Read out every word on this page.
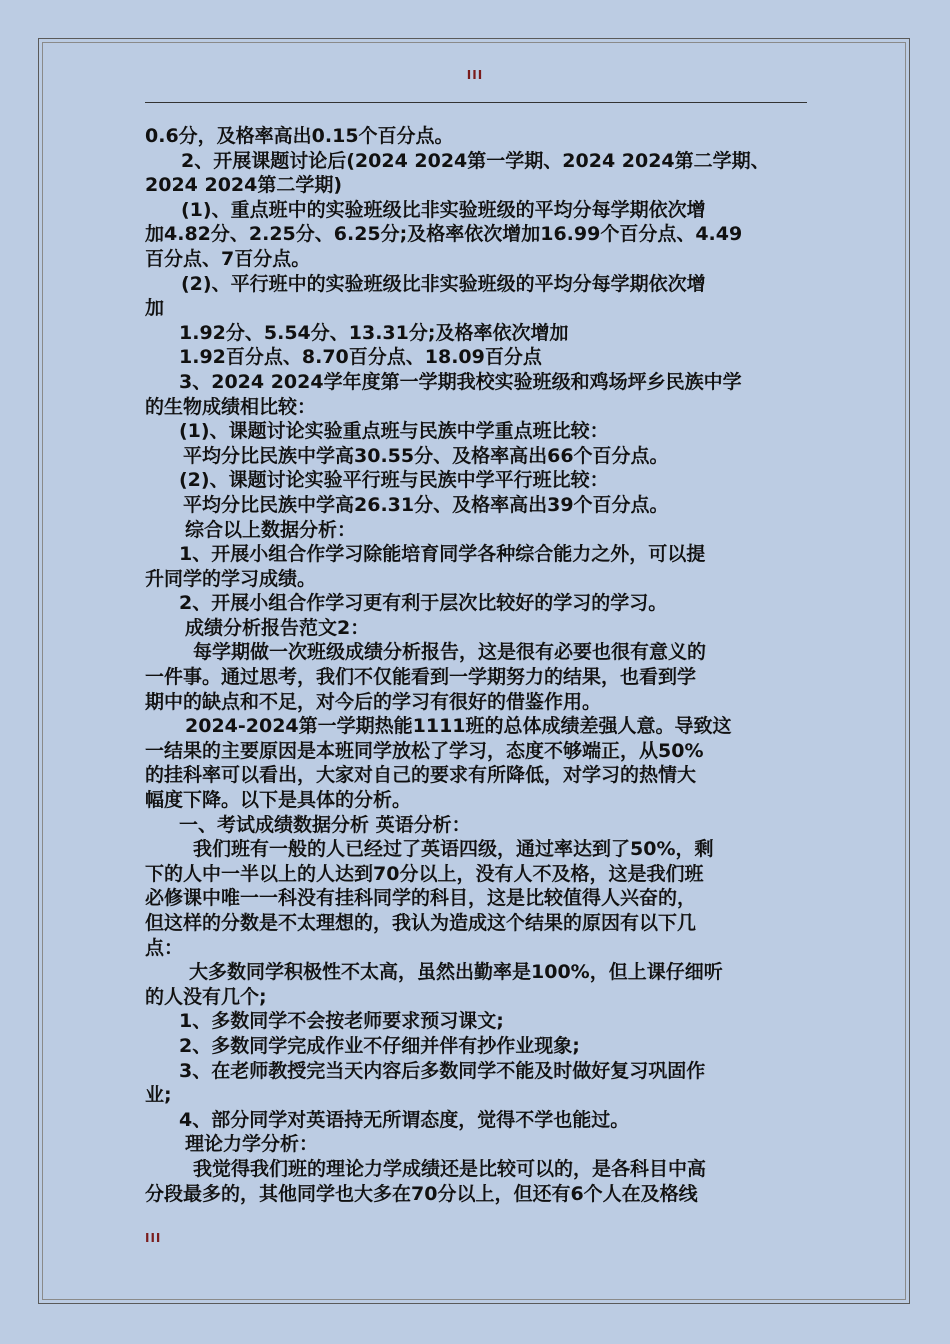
III

0.6分，及格率高出0.15个百分点。

2、开展课题讨论后(2024 2024第一学期、2024 2024第二学期、

2024 2024第二学期)

(1)、重点班中的实验班级比非实验班级的平均分每学期依次增

加4.82分、2.25分、6.25分;及格率依次增加16.99个百分点、4.49

百分点、7百分点。

(2)、平行班中的实验班级比非实验班级的平均分每学期依次增

加

1.92分、5.54分、13.31分;及格率依次增加

1.92百分点、8.70百分点、18.09百分点

3、2024 2024学年度第一学期我校实验班级和鸡场坪乡民族中学

的生物成绩相比较：

(1)、课题讨论实验重点班与民族中学重点班比较：

平均分比民族中学高30.55分、及格率高出66个百分点。

(2)、课题讨论实验平行班与民族中学平行班比较：

平均分比民族中学高26.31分、及格率高出39个百分点。

综合以上数据分析：

1、开展小组合作学习除能培育同学各种综合能力之外，可以提

升同学的学习成绩。

2、开展小组合作学习更有利于层次比较好的学习的学习。

成绩分析报告范文2：

每学期做一次班级成绩分析报告，这是很有必要也很有意义的

一件事。通过思考，我们不仅能看到一学期努力的结果，也看到学

期中的缺点和不足，对今后的学习有很好的借鉴作用。

2024-2024第一学期热能1111班的总体成绩差强人意。导致这

一结果的主要原因是本班同学放松了学习，态度不够端正，从50%

的挂科率可以看出，大家对自己的要求有所降低，对学习的热情大

幅度下降。以下是具体的分析。

一、考试成绩数据分析 英语分析：

我们班有一般的人已经过了英语四级，通过率达到了50%，剩

下的人中一半以上的人达到70分以上，没有人不及格，这是我们班

必修课中唯一一科没有挂科同学的科目，这是比较值得人兴奋的，

但这样的分数是不太理想的，我认为造成这个结果的原因有以下几

点：

大多数同学积极性不太高，虽然出勤率是100%，但上课仔细听

的人没有几个;

1、多数同学不会按老师要求预习课文;

2、多数同学完成作业不仔细并伴有抄作业现象;

3、在老师教授完当天内容后多数同学不能及时做好复习巩固作

业;

4、部分同学对英语持无所谓态度，觉得不学也能过。

理论力学分析：

我觉得我们班的理论力学成绩还是比较可以的，是各科目中高

分段最多的，其他同学也大多在70分以上，但还有6个人在及格线

III
